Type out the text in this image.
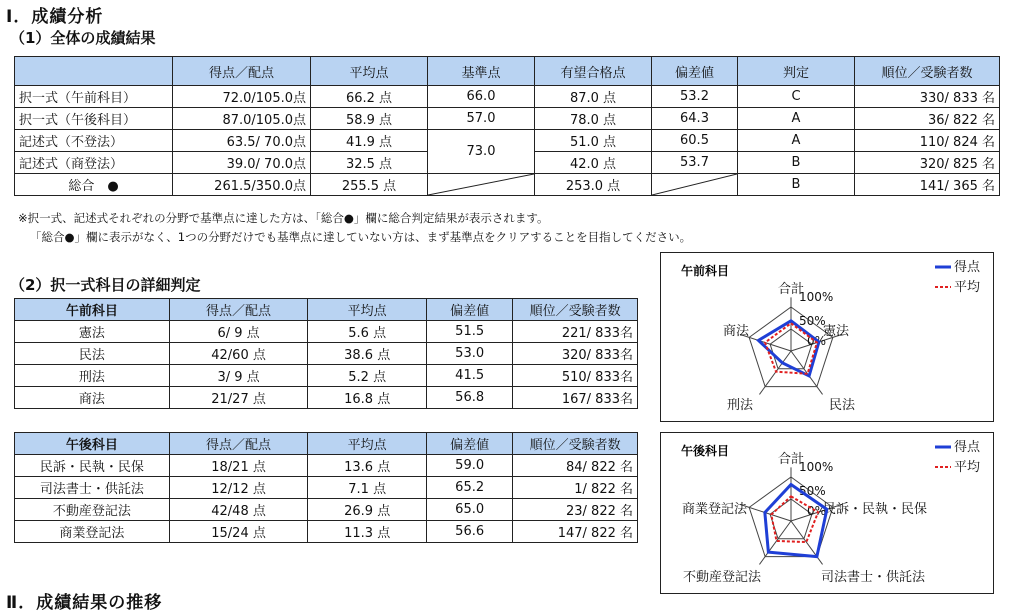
Ⅰ．成績分析
（1）全体の成績結果
	得点／配点	平均点	基準点	有望合格点	偏差値	判定	順位／受験者数
択一式（午前科目）	72.0/105.0点	66.2 点	66.0	87.0 点	53.2	C	330/ 833 名
択一式（午後科目）	87.0/105.0点	58.9 点	57.0	78.0 点	64.3	A	36/ 822 名
記述式（不登法）	63.5/ 70.0点	41.9 点	73.0	51.0 点	60.5	A	110/ 824 名
記述式（商登法）	39.0/ 70.0点	32.5 点		42.0 点	53.7	B	320/ 825 名
総合　●	261.5/350.0点	255.5 点		253.0 点		B	141/ 365 名
※択一式、記述式それぞれの分野で基準点に達した方は、「総合●」欄に総合判定結果が表示されます。
「総合●」欄に表示がなく、1つの分野だけでも基準点に達していない方は、まず基準点をクリアすることを目指してください。
（2）択一式科目の詳細判定
午前科目	得点／配点	平均点	偏差値	順位／受験者数
憲法	6/ 9 点	5.6 点	51.5	221/ 833名
民法	42/60 点	38.6 点	53.0	320/ 833名
刑法	3/ 9 点	5.2 点	41.5	510/ 833名
商法	21/27 点	16.8 点	56.8	167/ 833名
午後科目	得点／配点	平均点	偏差値	順位／受験者数
民訴・民執・民保	18/21 点	13.6 点	59.0	84/ 822 名
司法書士・供託法	12/12 点	7.1 点	65.2	1/ 822 名
不動産登記法	42/48 点	26.9 点	65.0	23/ 822 名
商業登記法	15/24 点	11.3 点	56.6	147/ 822 名
午前科目
合計
憲法
民法
刑法
商法
100%
50%
0%
得点
平均
午後科目
合計
民訴・民執・民保
司法書士・供託法
不動産登記法
商業登記法
100%
50%
0%
得点
平均
Ⅱ．成績結果の推移
